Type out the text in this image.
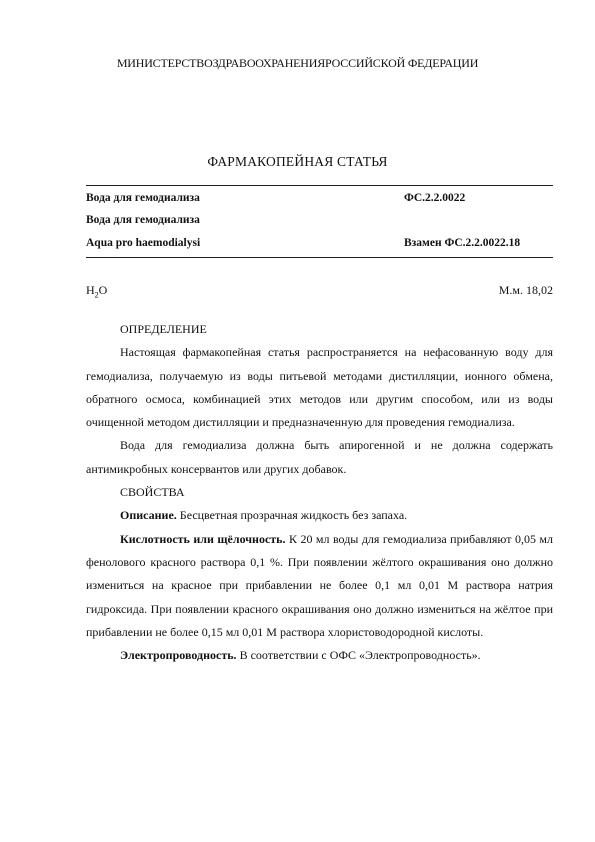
МИНИСТЕРСТВОЗДРАВООХРАНЕНИЯРОССИЙСКОЙ ФЕДЕРАЦИИ
ФАРМАКОПЕЙНАЯ СТАТЬЯ
Вода для гемодиализа	ФС.2.2.0022
Вода для гемодиализа
Aqua pro haemodialysi	Взамен ФС.2.2.0022.18
$H_2O$	М.м. 18,02

ОПРЕДЕЛЕНИЕ

Настоящая фармакопейная статья распространяется на нефасованную воду для гемодиализа, получаемую из воды питьевой методами дистилляции, ионного обмена, обратного осмоса, комбинацией этих методов или другим способом, или из воды очищенной методом дистилляции и предназначенную для проведения гемодиализа.

Вода для гемодиализа должна быть апирогенной и не должна содержать антимикробных консервантов или других добавок.

СВОЙСТВА

Описание. Бесцветная прозрачная жидкость без запаха.

Кислотность или щёлочность. К 20 мл воды для гемодиализа прибавляют 0,05 мл фенолового красного раствора 0,1 %. При появлении жёлтого окрашивания оно должно измениться на красное при прибавлении не более 0,1 мл 0,01 М раствора натрия гидроксида. При появлении красного окрашивания оно должно измениться на жёлтое при прибавлении не более 0,15 мл 0,01 М раствора хлористоводородной кислоты.

Электропроводность. В соответствии с ОФС «Электропроводность».
